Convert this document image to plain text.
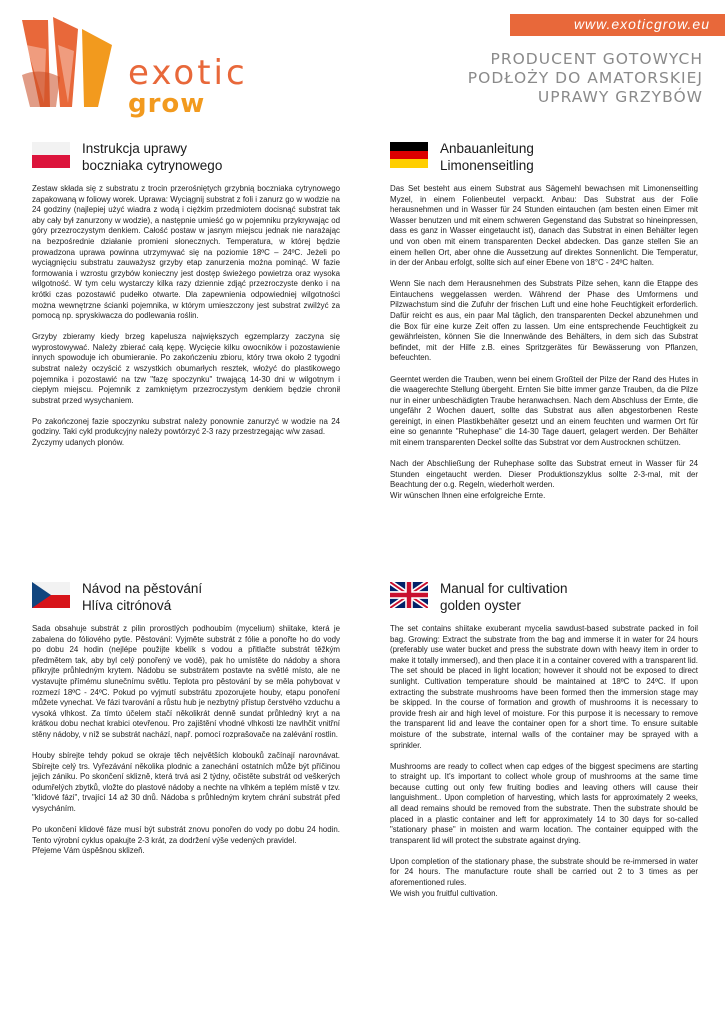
www.exoticgrow.eu
exotic
grow
PRODUCENT GOTOWYCH
PODŁOŻY DO AMATORSKIEJ
UPRAWY GRZYBÓW
Instrukcja uprawy
boczniaka cytrynowego

Zestaw składa się z substratu z trocin przerośniętych grzybnią boczniaka cytrynowego zapakowaną w foliowy worek. Uprawa: Wyciągnij substrat z foli i zanurz go w wodzie na 24 godziny (najlepiej użyć wiadra z wodą i ciężkim przedmiotem docisnąć substrat tak aby cały był zanurzony w wodzie), a następnie umieść go w pojemniku przykrywając od góry przezroczystym denkiem. Całość postaw w jasnym miejscu jednak nie narażając na bezpośrednie działanie promieni słonecznych. Temperatura, w której będzie prowadzona uprawa powinna utrzymywać się na poziomie 18ºC – 24ºC. Jeżeli po wyciągnięciu substratu zauważysz grzyby etap zanurzenia można pominąć. W fazie formowania i wzrostu grzybów konieczny jest dostęp świeżego powietrza oraz wysoka wilgotność. W tym celu wystarczy kilka razy dziennie zdjąć przezroczyste denko i na krótki czas pozostawić pudełko otwarte. Dla zapewnienia odpowiedniej wilgotności można wewnętrzne ścianki pojemnika, w którym umieszczony jest substrat zwilżyć za pomocą np. spryskiwacza do podlewania roślin.

Grzyby zbieramy kiedy brzeg kapelusza największych egzemplarzy zaczyna się wyprostowywać. Należy zbierać całą kępę. Wycięcie kilku owocników i pozostawienie innych spowoduje ich obumieranie. Po zakończeniu zbioru, który trwa około 2 tygodni substrat należy oczyścić z wszystkich obumarłych resztek, włożyć do plastikowego pojemnika i pozostawić na tzw "fazę spoczynku" trwającą 14-30 dni w wilgotnym i ciepłym miejscu. Pojemnik z zamkniętym przezroczystym denkiem będzie chronił substrat przed wysychaniem.

Po zakończonej fazie spoczynku substrat należy ponownie zanurzyć w wodzie na 24 godziny. Taki cykl produkcyjny należy powtórzyć 2-3 razy przestrzegając w/w zasad.
Życzymy udanych plonów.

Anbauanleitung
Limonenseitling

Das Set besteht aus einem Substrat aus Sägemehl bewachsen mit Limonenseitling Myzel, in einem Folienbeutel verpackt. Anbau: Das Substrat aus der Folie herausnehmen und in Wasser für 24 Stunden eintauchen (am besten einen Eimer mit Wasser benutzen und mit einem schweren Gegenstand das Substrat so hineinpressen, dass es ganz in Wasser eingetaucht ist), danach das Substrat in einen Behälter legen und von oben mit einem transparenten Deckel abdecken. Das ganze stellen Sie an einem hellen Ort, aber ohne die Aussetzung auf direktes Sonnenlicht. Die Temperatur, in der der Anbau erfolgt, sollte sich auf einer Ebene von 18°C - 24ºC halten.

Wenn Sie nach dem Herausnehmen des Substrats Pilze sehen, kann die Etappe des Eintauchens weggelassen werden. Während der Phase des Umformens und Pilzwachstum sind die Zufuhr der frischen Luft und eine hohe Feuchtigkeit erforderlich. Dafür reicht es aus, ein paar Mal täglich, den transparenten Deckel abzunehmen und die Box für eine kurze Zeit offen zu lassen. Um eine entsprechende Feuchtigkeit zu gewährleisten, können Sie die Innenwände des Behälters, in dem sich das Substrat befindet, mit der Hilfe z.B. eines Spritzgerätes für Bewässerung von Pflanzen, befeuchten.

Geerntet werden die Trauben, wenn bei einem Großteil der Pilze der Rand des Hutes in die waagerechte Stellung übergeht. Ernten Sie bitte immer ganze Trauben, da die Pilze nur in einer unbeschädigten Traube heranwachsen. Nach dem Abschluss der Ernte, die ungefähr 2 Wochen dauert, sollte das Substrat aus allen abgestorbenen Reste gereinigt, in einen Plastikbehälter gesetzt und an einem feuchten und warmen Ort für eine so genannte "Ruhephase" die 14-30 Tage dauert, gelagert werden. Der Behälter mit einem transparenten Deckel sollte das Substrat vor dem Austrocknen schützen.

Nach der Abschließung der Ruhephase sollte das Substrat erneut in Wasser für 24 Stunden eingetaucht werden. Dieser Produktionszyklus sollte 2-3-mal, mit der Beachtung der o.g. Regeln, wiederholt werden.
Wir wünschen Ihnen eine erfolgreiche Ernte.

Návod na pěstování
Hlíva citrónová

Sada obsahuje substrát z pilin prorostlých podhoubím (mycelium) shiitake, která je zabalena do fóliového pytle. Pěstování: Vyjměte substrát z fólie a ponořte ho do vody po dobu 24 hodin (nejlépe použijte kbelík s vodou a přitlačte substrát těžkým předmětem tak, aby byl celý ponořený ve vodě), pak ho umístěte do nádoby a shora přikryjte průhledným krytem. Nádobu se substrátem postavte na světlé místo, ale ne vystavujte přímému slunečnímu světlu. Teplota pro pěstování by se měla pohybovat v rozmezí 18ºC - 24ºC. Pokud po vyjmutí substrátu zpozorujete houby, etapu ponoření můžete vynechat. Ve fázi tvarování a růstu hub je nezbytný přístup čerstvého vzduchu a vysoká vlhkost. Za tímto účelem stačí několikrát denně sundat průhledný kryt a na krátkou dobu nechat krabici otevřenou. Pro zajištění vhodné vlhkosti lze navlhčit vnitřní stěny nádoby, v níž se substrát nachází, např. pomocí rozprašovače na zalévání rostlin.

Houby sbírejte tehdy pokud se okraje těch největších klobouků začínají narovnávat. Sbírejte celý trs. Vyřezávání několika plodnic a zanechání ostatních může být příčinou jejich zániku. Po skončení sklizně, která trvá asi 2 týdny, očistěte substrát od veškerých odumřelých zbytků, vložte do plastové nádoby a nechte na vlhkém a teplém místě v tzv. "klidové fázi", trvající 14 až 30 dnů. Nádoba s průhledným krytem chrání substrát před vysycháním.

Po ukončení klidové fáze musí být substrát znovu ponořen do vody po dobu 24 hodin. Tento výrobní cyklus opakujte 2-3 krát, za dodržení výše vedených pravidel.
Přejeme Vám úspěšnou sklizeň.

Manual for cultivation
golden oyster

The set contains shiitake exuberant mycelia sawdust-based substrate packed in foil bag. Growing: Extract the substrate from the bag and immerse it in water for 24 hours (preferably use water bucket and press the substrate down with heavy item in order to make it totally immersed), and then place it in a container covered with a transparent lid. The set should be placed in light location; however it should not be exposed to direct sunlight. Cultivation temperature should be maintained at 18ºC to 24ºC. If upon extracting the substrate mushrooms have been formed then the immersion stage may be skipped. In the course of formation and growth of mushrooms it is necessary to provide fresh air and high level of moisture. For this purpose it is necessary to remove the transparent lid and leave the container open for a short time. To ensure suitable moisture of the substrate, internal walls of the container may be sprayed with a sprinkler.

Mushrooms are ready to collect when cap edges of the biggest specimens are starting to straight up. It's important to collect whole group of mushrooms at the same time because cutting out only few fruiting bodies and leaving others will cause their languishment.. Upon completion of harvesting, which lasts for approximately 2 weeks, all dead remains should be removed from the substrate. Then the substrate should be placed in a plastic container and left for approximately 14 to 30 days for so-called "stationary phase" in moisten and warm location. The container equipped with the transparent lid will protect the substrate against drying.

Upon completion of the stationary phase, the substrate should be re-immersed in water for 24 hours. The manufacture route shall be carried out 2 to 3 times as per aforementioned rules.
We wish you fruitful cultivation.
